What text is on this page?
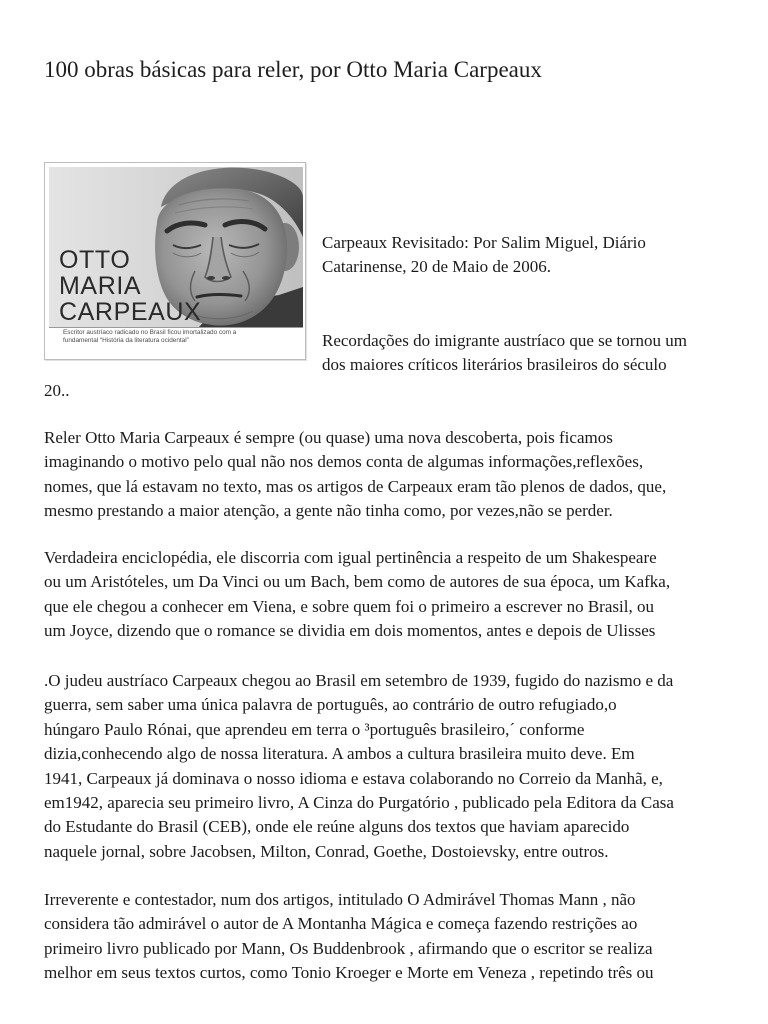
100 obras básicas para reler, por Otto Maria Carpeaux
OTTO
MARIA
CARPEAUX
Escritor austríaco radicado no Brasil ficou imortalizado com a
fundamental “História da literatura ocidental”
Carpeaux Revisitado: Por Salim Miguel, Diário
Catarinense, 20 de Maio de 2006.
Recordações do imigrante austríaco que se tornou um
dos maiores críticos literários brasileiros do século
20..
Reler Otto Maria Carpeaux é sempre (ou quase) uma nova descoberta, pois ficamos
imaginando o motivo pelo qual não nos demos conta de algumas informações,reflexões,
nomes, que lá estavam no texto, mas os artigos de Carpeaux eram tão plenos de dados, que,
mesmo prestando a maior atenção, a gente não tinha como, por vezes,não se perder.
Verdadeira enciclopédia, ele discorria com igual pertinência a respeito de um Shakespeare
ou um Aristóteles, um Da Vinci ou um Bach, bem como de autores de sua época, um Kafka,
que ele chegou a conhecer em Viena, e sobre quem foi o primeiro a escrever no Brasil, ou
um Joyce, dizendo que o romance se dividia em dois momentos, antes e depois de Ulisses
.O judeu austríaco Carpeaux chegou ao Brasil em setembro de 1939, fugido do nazismo e da
guerra, sem saber uma única palavra de português, ao contrário de outro refugiado,o
húngaro Paulo Rónai, que aprendeu em terra o ³português brasileiro,´ conforme
dizia,conhecendo algo de nossa literatura. A ambos a cultura brasileira muito deve. Em
1941, Carpeaux já dominava o nosso idioma e estava colaborando no Correio da Manhã, e,
em1942, aparecia seu primeiro livro, A Cinza do Purgatório , publicado pela Editora da Casa
do Estudante do Brasil (CEB), onde ele reúne alguns dos textos que haviam aparecido
naquele jornal, sobre Jacobsen, Milton, Conrad, Goethe, Dostoievsky, entre outros.
Irreverente e contestador, num dos artigos, intitulado O Admirável Thomas Mann , não
considera tão admirável o autor de A Montanha Mágica e começa fazendo restrições ao
primeiro livro publicado por Mann, Os Buddenbrook , afirmando que o escritor se realiza
melhor em seus textos curtos, como Tonio Kroeger e Morte em Veneza , repetindo três ou
